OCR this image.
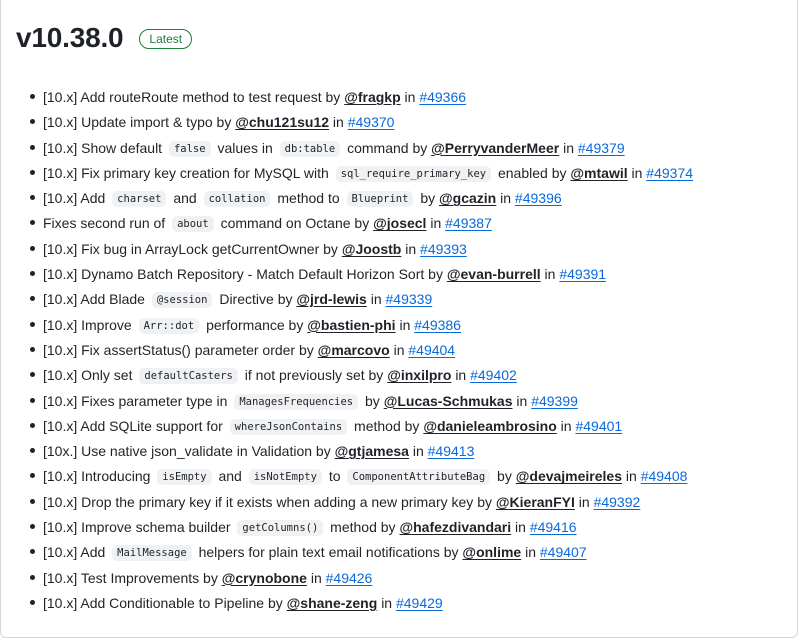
v10.38.0	Latest
[10.x] Add routeRoute method to test request by @fragkp in #49366
[10.x] Update import & typo by @chu121su12 in #49370
[10.x] Show default false values in db:table command by @PerryvanderMeer in #49379
[10.x] Fix primary key creation for MySQL with sql_require_primary_key enabled by @mtawil in #49374
[10.x] Add charset and collation method to Blueprint by @gcazin in #49396
Fixes second run of about command on Octane by @josecl in #49387
[10.x] Fix bug in ArrayLock getCurrentOwner by @Joostb in #49393
[10.x] Dynamo Batch Repository - Match Default Horizon Sort by @evan-burrell in #49391
[10.x] Add Blade @session Directive by @jrd-lewis in #49339
[10.x] Improve Arr::dot performance by @bastien-phi in #49386
[10.x] Fix assertStatus() parameter order by @marcovo in #49404
[10.x] Only set defaultCasters if not previously set by @inxilpro in #49402
[10.x] Fixes parameter type in ManagesFrequencies by @Lucas-Schmukas in #49399
[10.x] Add SQLite support for whereJsonContains method by @danieleambrosino in #49401
[10x.] Use native json_validate in Validation by @gtjamesa in #49413
[10.x] Introducing isEmpty and isNotEmpty to ComponentAttributeBag by @devajmeireles in #49408
[10.x] Drop the primary key if it exists when adding a new primary key by @KieranFYI in #49392
[10.x] Improve schema builder getColumns() method by @hafezdivandari in #49416
[10.x] Add MailMessage helpers for plain text email notifications by @onlime in #49407
[10.x] Test Improvements by @crynobone in #49426
[10.x] Add Conditionable to Pipeline by @shane-zeng in #49429
